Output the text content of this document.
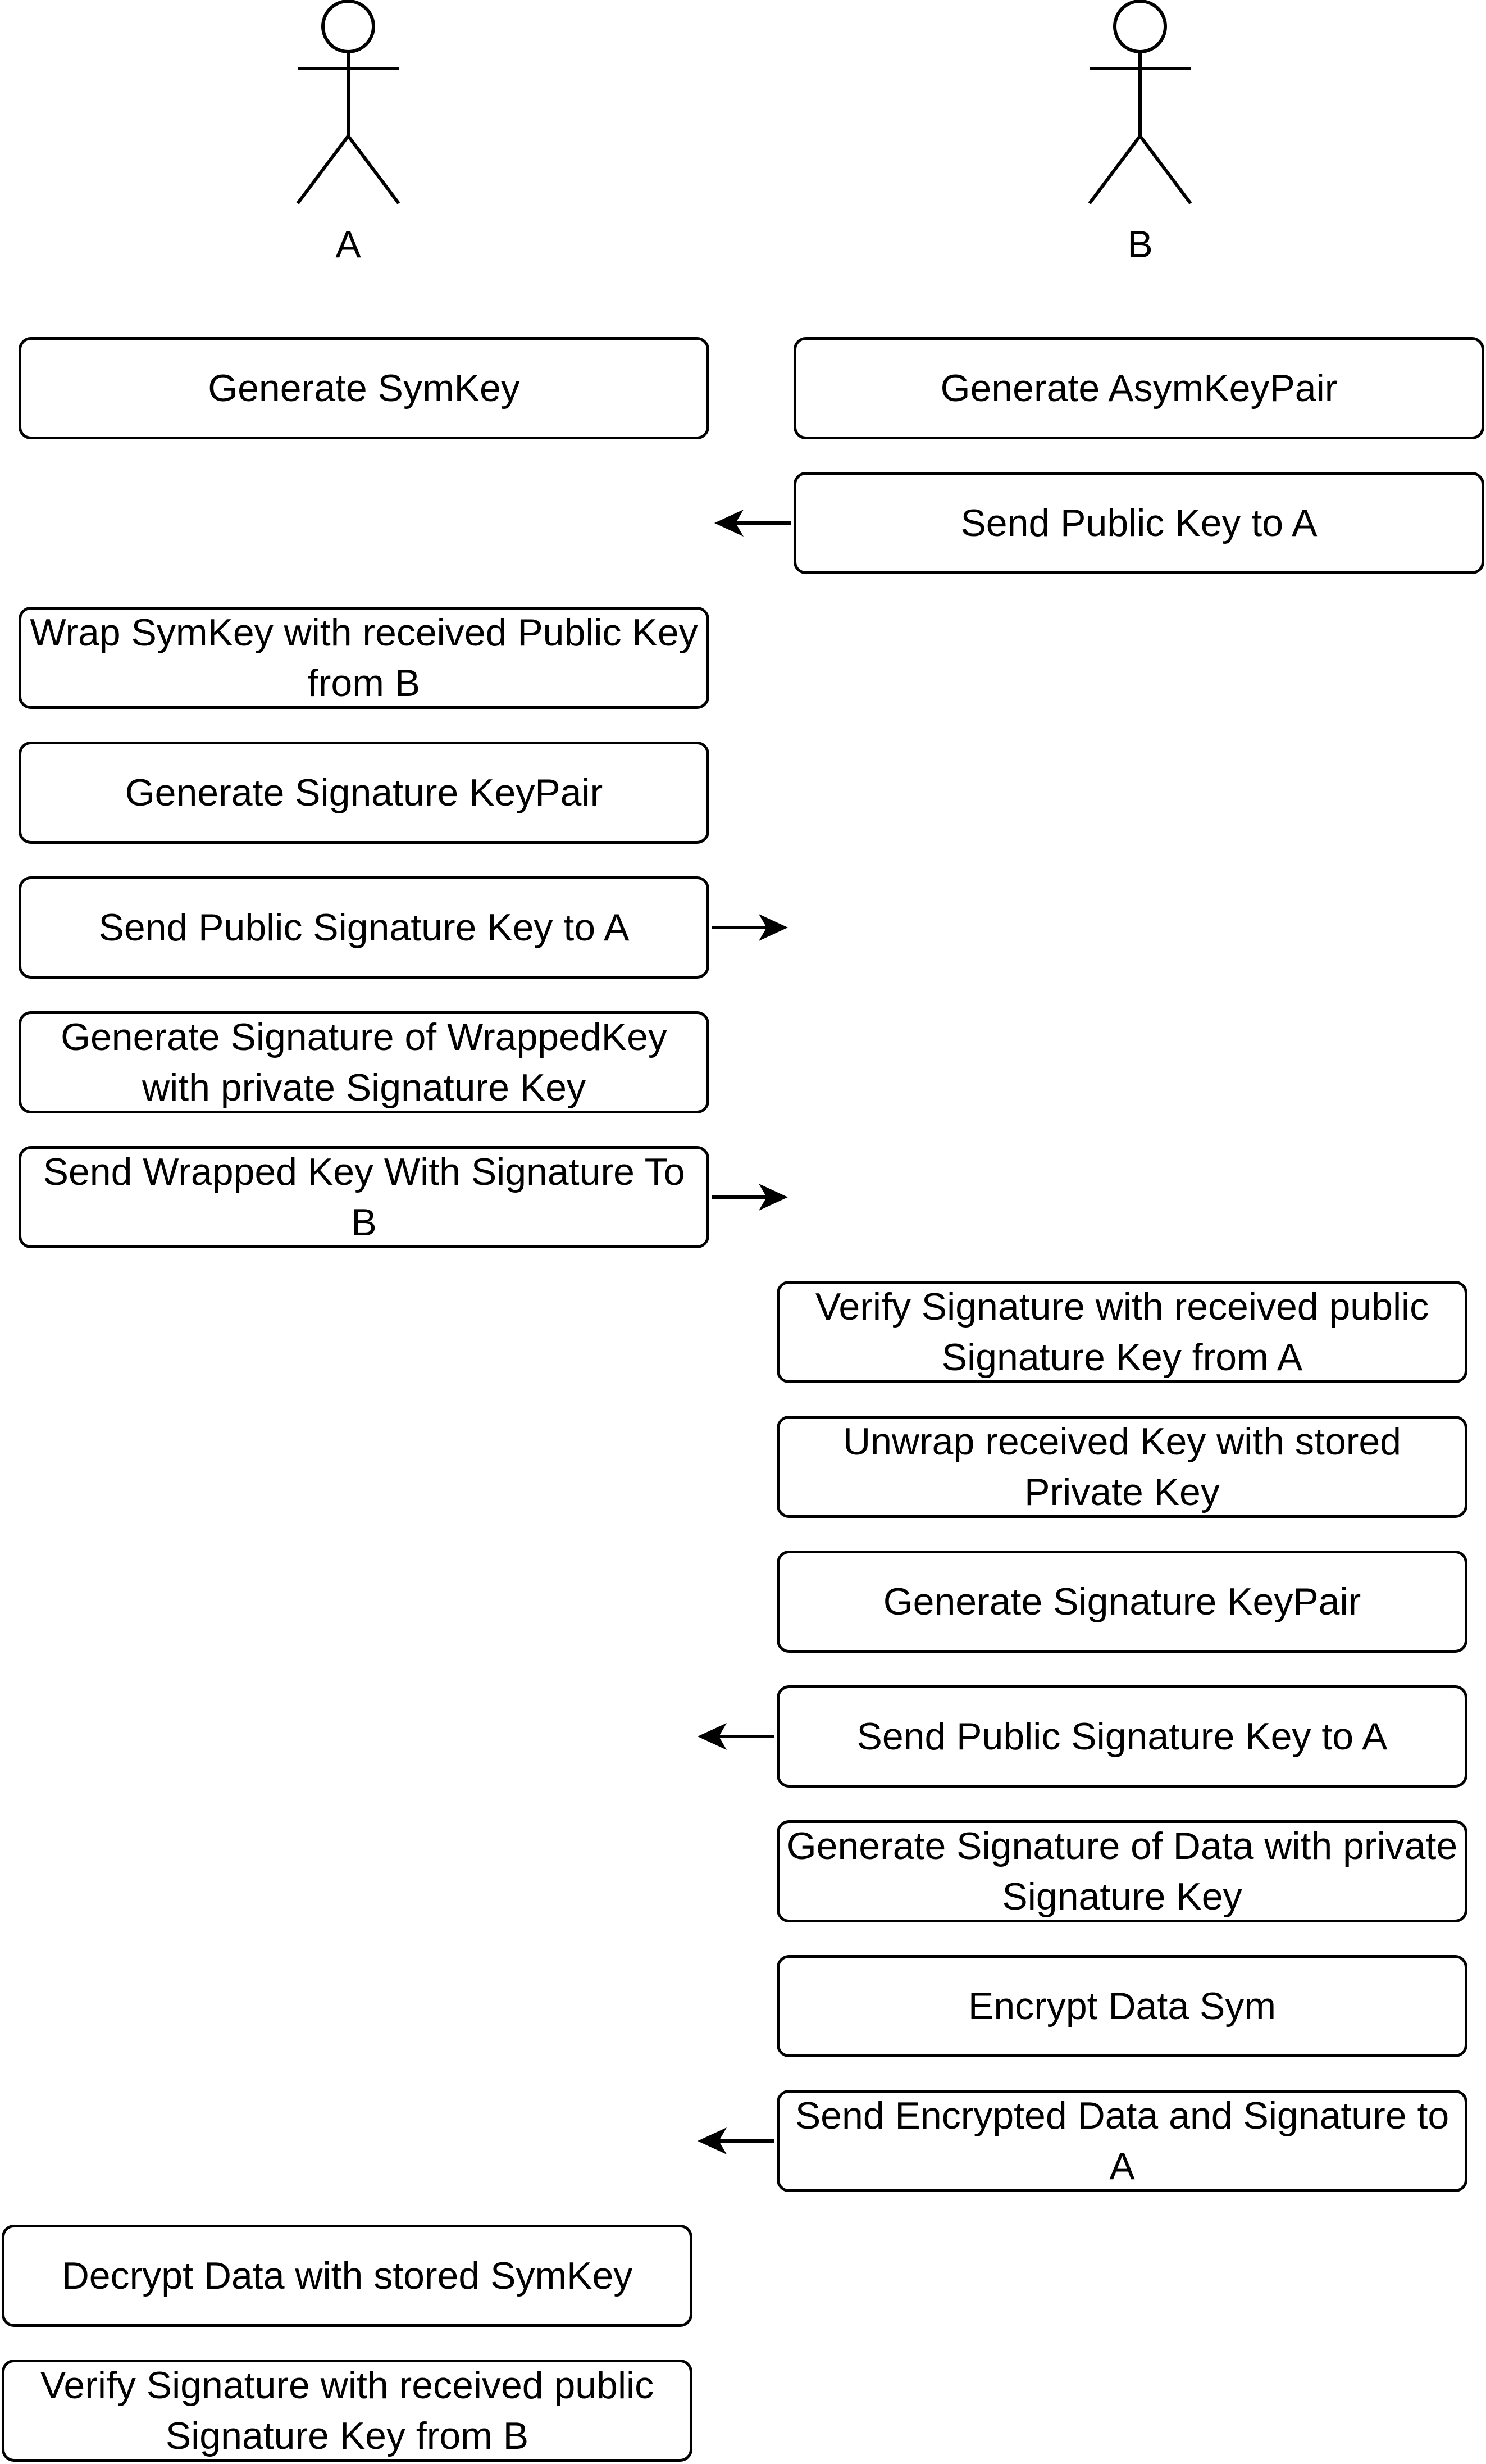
A	B
Generate SymKey	Generate AsymKeyPair
Send Public Key to A
Wrap SymKey with received Public Key from B
Generate Signature KeyPair
Send Public Signature Key to A
Generate Signature of WrappedKey with private Signature Key
Send Wrapped Key With Signature To B
Verify Signature with received public Signature Key from A
Unwrap received Key with stored Private Key
Generate Signature KeyPair
Send Public Signature Key to A
Generate Signature of Data with private Signature Key
Encrypt Data Sym
Send Encrypted Data and Signature to A
Decrypt Data with stored SymKey
Verify Signature with received public Signature Key from B
